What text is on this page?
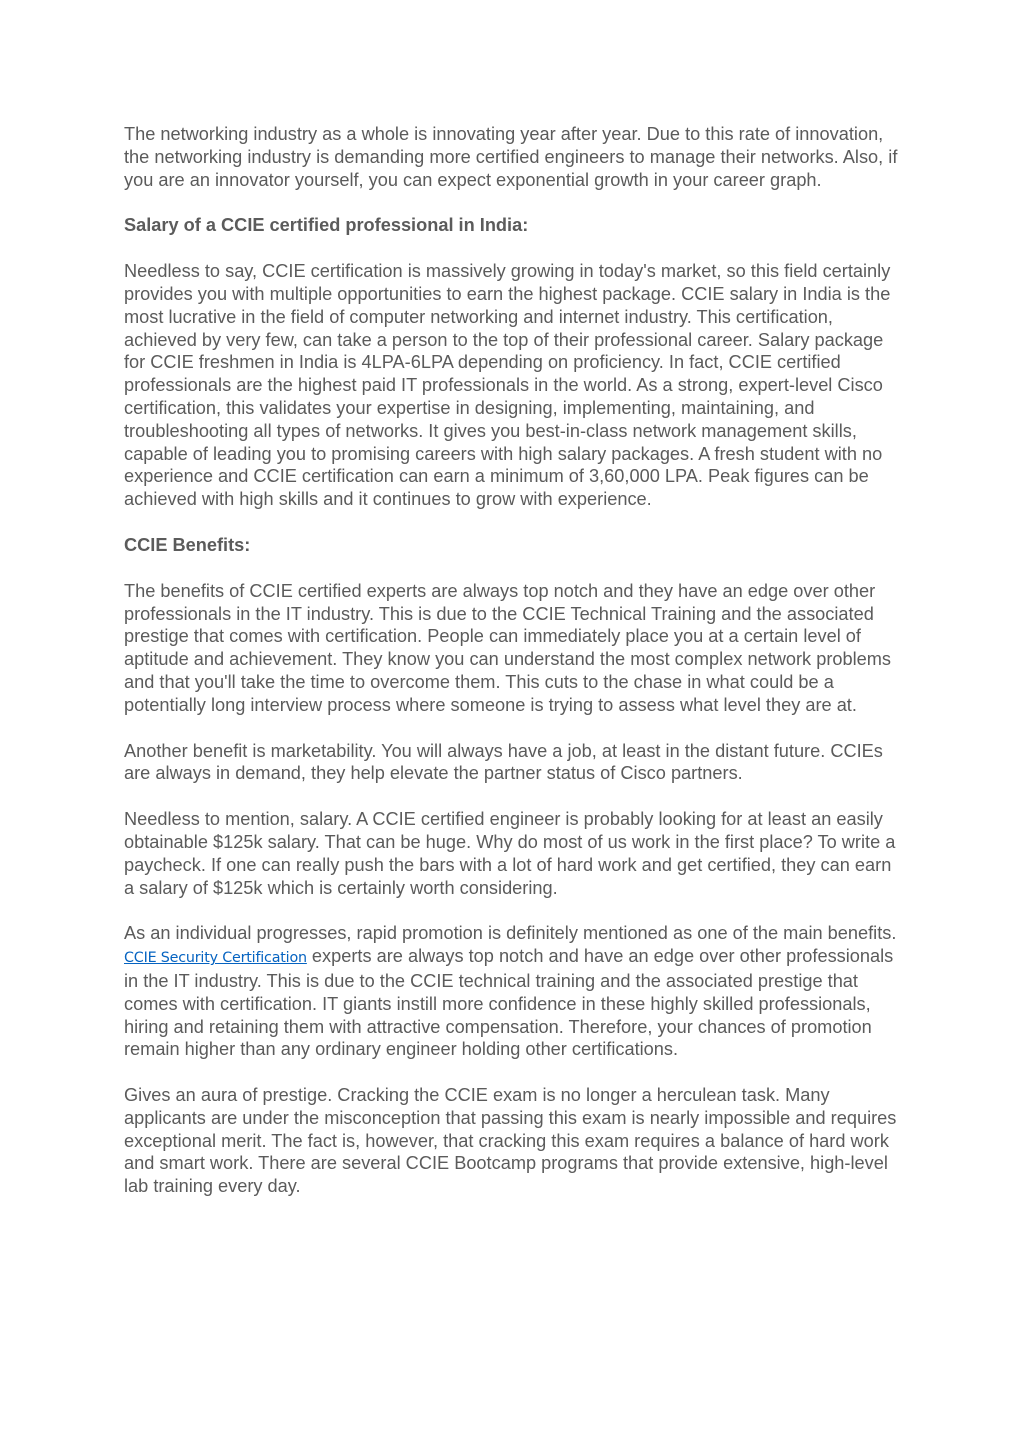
The networking industry as a whole is innovating year after year. Due to this rate of innovation, the networking industry is demanding more certified engineers to manage their networks. Also, if you are an innovator yourself, you can expect exponential growth in your career graph.

Salary of a CCIE certified professional in India:

Needless to say, CCIE certification is massively growing in today's market, so this field certainly provides you with multiple opportunities to earn the highest package. CCIE salary in India is the most lucrative in the field of computer networking and internet industry. This certification, achieved by very few, can take a person to the top of their professional career. Salary package for CCIE freshmen in India is 4LPA-6LPA depending on proficiency. In fact, CCIE certified professionals are the highest paid IT professionals in the world. As a strong, expert-level Cisco certification, this validates your expertise in designing, implementing, maintaining, and troubleshooting all types of networks. It gives you best-in-class network management skills, capable of leading you to promising careers with high salary packages. A fresh student with no experience and CCIE certification can earn a minimum of 3,60,000 LPA. Peak figures can be achieved with high skills and it continues to grow with experience.

CCIE Benefits:

The benefits of CCIE certified experts are always top notch and they have an edge over other professionals in the IT industry. This is due to the CCIE Technical Training and the associated prestige that comes with certification. People can immediately place you at a certain level of aptitude and achievement. They know you can understand the most complex network problems and that you'll take the time to overcome them. This cuts to the chase in what could be a potentially long interview process where someone is trying to assess what level they are at.

Another benefit is marketability. You will always have a job, at least in the distant future. CCIEs are always in demand, they help elevate the partner status of Cisco partners.

Needless to mention, salary. A CCIE certified engineer is probably looking for at least an easily obtainable $125k salary. That can be huge. Why do most of us work in the first place? To write a paycheck. If one can really push the bars with a lot of hard work and get certified, they can earn a salary of $125k which is certainly worth considering.

As an individual progresses, rapid promotion is definitely mentioned as one of the main benefits. CCIE Security Certification experts are always top notch and have an edge over other professionals in the IT industry. This is due to the CCIE technical training and the associated prestige that comes with certification. IT giants instill more confidence in these highly skilled professionals, hiring and retaining them with attractive compensation. Therefore, your chances of promotion remain higher than any ordinary engineer holding other certifications.

Gives an aura of prestige. Cracking the CCIE exam is no longer a herculean task. Many applicants are under the misconception that passing this exam is nearly impossible and requires exceptional merit. The fact is, however, that cracking this exam requires a balance of hard work and smart work. There are several CCIE Bootcamp programs that provide extensive, high-level lab training every day.
